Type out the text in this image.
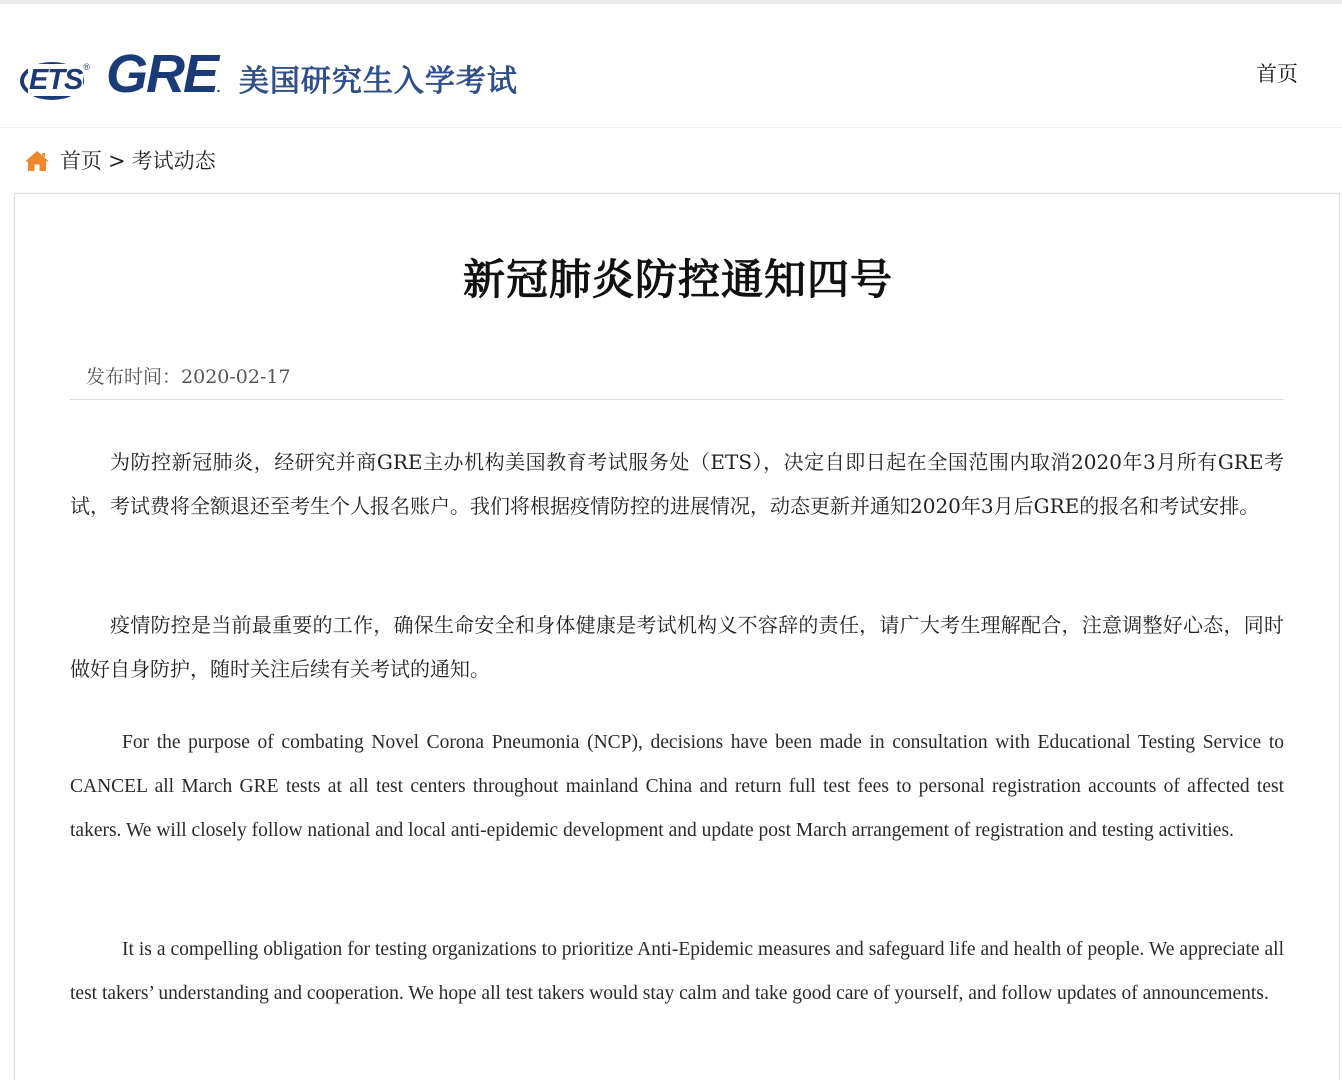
ETS ® GRE. 美国研究生入学考试	首页
首页 > 考试动态
新冠肺炎防控通知四号
发布时间：2020-02-17

为防控新冠肺炎，经研究并商GRE主办机构美国教育考试服务处（ETS），决定自即日起在全国范围内取消2020年3月所有GRE考试，考试费将全额退还至考生个人报名账户。我们将根据疫情防控的进展情况，动态更新并通知2020年3月后GRE的报名和考试安排。

疫情防控是当前最重要的工作，确保生命安全和身体健康是考试机构义不容辞的责任，请广大考生理解配合，注意调整好心态，同时做好自身防护，随时关注后续有关考试的通知。

For the purpose of combating Novel Corona Pneumonia (NCP), decisions have been made in consultation with Educational Testing Service to CANCEL all March GRE tests at all test centers throughout mainland China and return full test fees to personal registration accounts of affected test takers. We will closely follow national and local anti-epidemic development and update post March arrangement of registration and testing activities.

It is a compelling obligation for testing organizations to prioritize Anti-Epidemic measures and safeguard life and health of people. We appreciate all test takers’ understanding and cooperation. We hope all test takers would stay calm and take good care of yourself, and follow updates of announcements.
